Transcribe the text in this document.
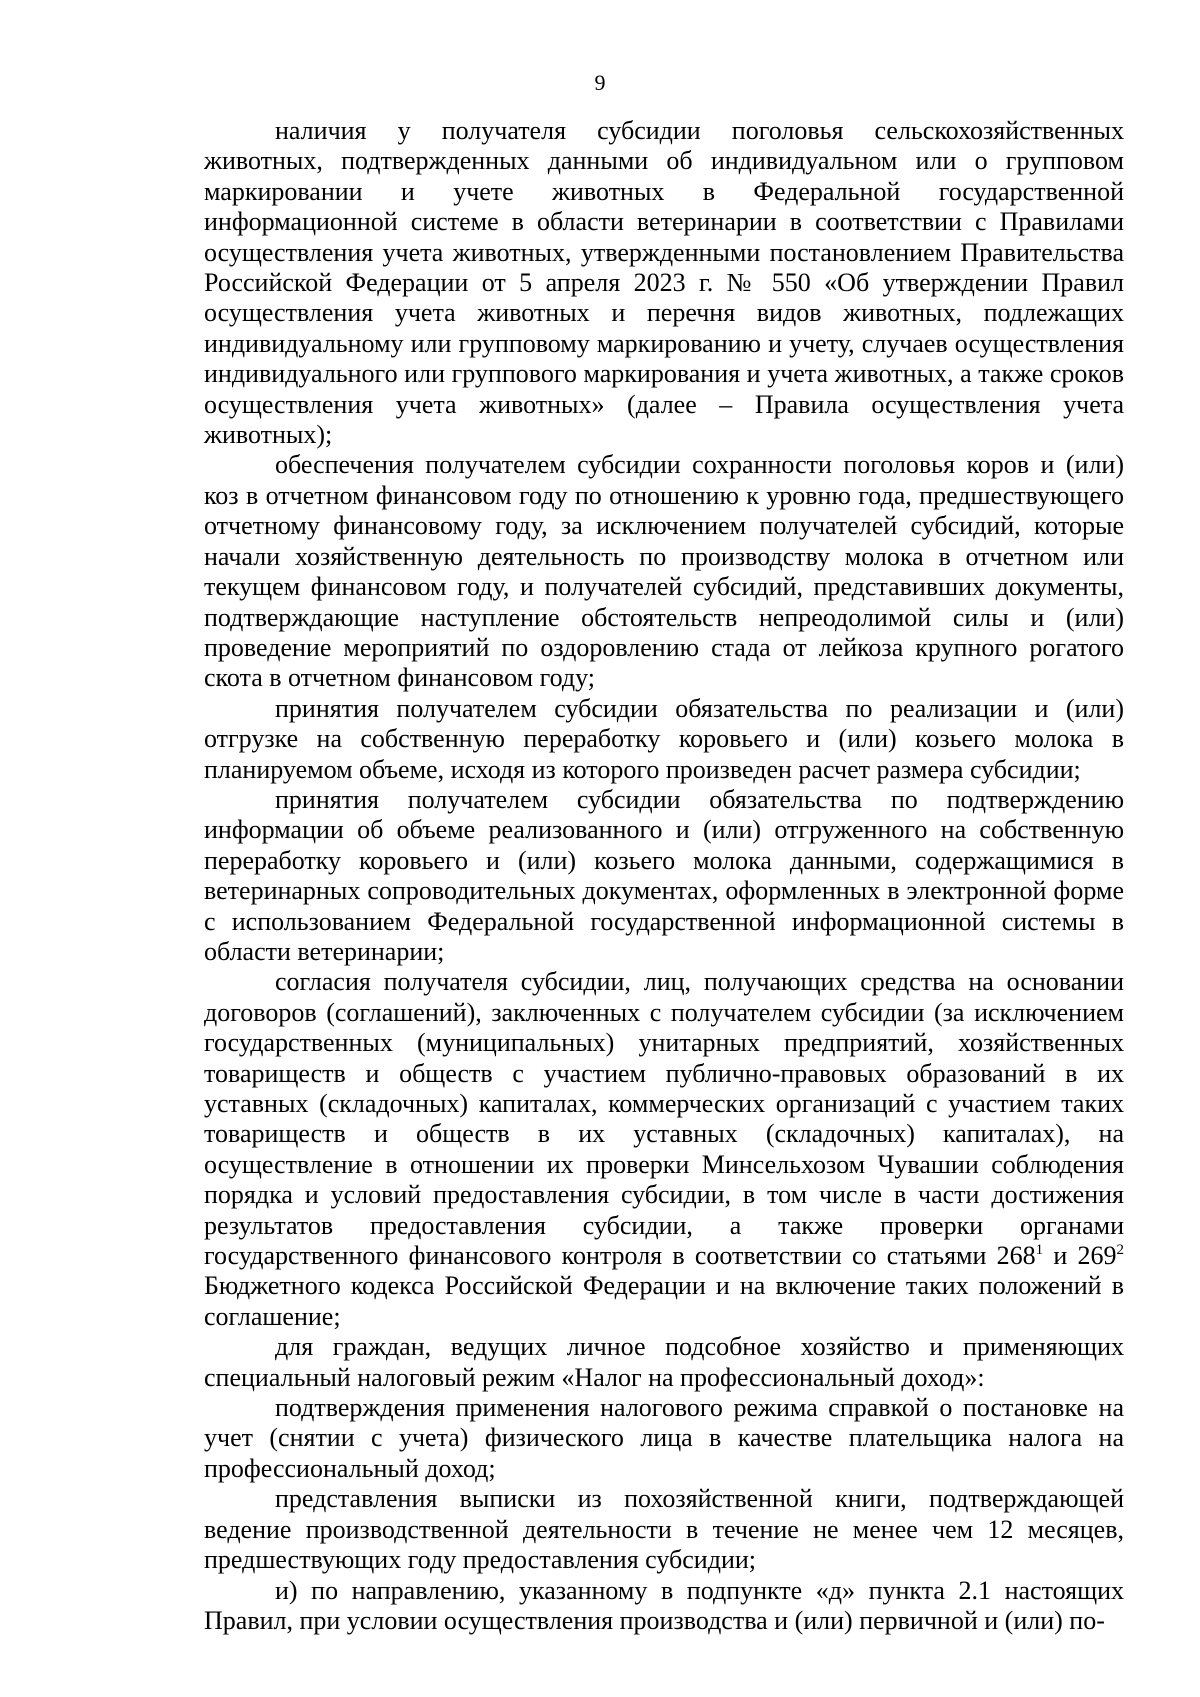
9

наличия у получателя субсидии поголовья сельскохозяйственных животных, подтвержденных данными об индивидуальном или о групповом маркировании и учете животных в Федеральной государственной информационной системе в области ветеринарии в соответствии с Правилами осуществления учета животных, утвержденными постановлением Правительства Российской Федерации от 5 апреля 2023 г. № 550 «Об утверждении Правил осуществления учета животных и перечня видов животных, подлежащих индивидуальному или групповому маркированию и учету, случаев осуществления индивидуального или группового маркирования и учета животных, а также сроков осуществления учета животных» (далее – Правила осуществления учета животных);

обеспечения получателем субсидии сохранности поголовья коров и (или) коз в отчетном финансовом году по отношению к уровню года, предшествующего отчетному финансовому году, за исключением получателей субсидий, которые начали хозяйственную деятельность по производству молока в отчетном или текущем финансовом году, и получателей субсидий, представивших документы, подтверждающие наступление обстоятельств непреодолимой силы и (или) проведение мероприятий по оздоровлению стада от лейкоза крупного рогатого скота в отчетном финансовом году;

принятия получателем субсидии обязательства по реализации и (или) отгрузке на собственную переработку коровьего и (или) козьего молока в планируемом объеме, исходя из которого произведен расчет размера субсидии;

принятия получателем субсидии обязательства по подтверждению информации об объеме реализованного и (или) отгруженного на собственную переработку коровьего и (или) козьего молока данными, содержащимися в ветеринарных сопроводительных документах, оформленных в электронной форме с использованием Федеральной государственной информационной системы в области ветеринарии;

согласия получателя субсидии, лиц, получающих средства на основании договоров (соглашений), заключенных с получателем субсидии (за исключением государственных (муниципальных) унитарных предприятий, хозяйственных товариществ и обществ с участием публично-правовых образований в их уставных (складочных) капиталах, коммерческих организаций с участием таких товариществ и обществ в их уставных (складочных) капиталах), на осуществление в отношении их проверки Минсельхозом Чувашии соблюдения порядка и условий предоставления субсидии, в том числе в части достижения результатов предоставления субсидии, а также проверки органами государственного финансового контроля в соответствии со статьями $268^1$ и $269^2$ Бюджетного кодекса Российской Федерации и на включение таких положений в соглашение;

для граждан, ведущих личное подсобное хозяйство и применяющих специальный налоговый режим «Налог на профессиональный доход»:

подтверждения применения налогового режима справкой о постановке на учет (снятии с учета) физического лица в качестве плательщика налога на профессиональный доход;

представления выписки из похозяйственной книги, подтверждающей ведение производственной деятельности в течение не менее чем 12 месяцев, предшествующих году предоставления субсидии;

и) по направлению, указанному в подпункте «д» пункта 2.1 настоящих Правил, при условии осуществления производства и (или) первичной и (или) по-
